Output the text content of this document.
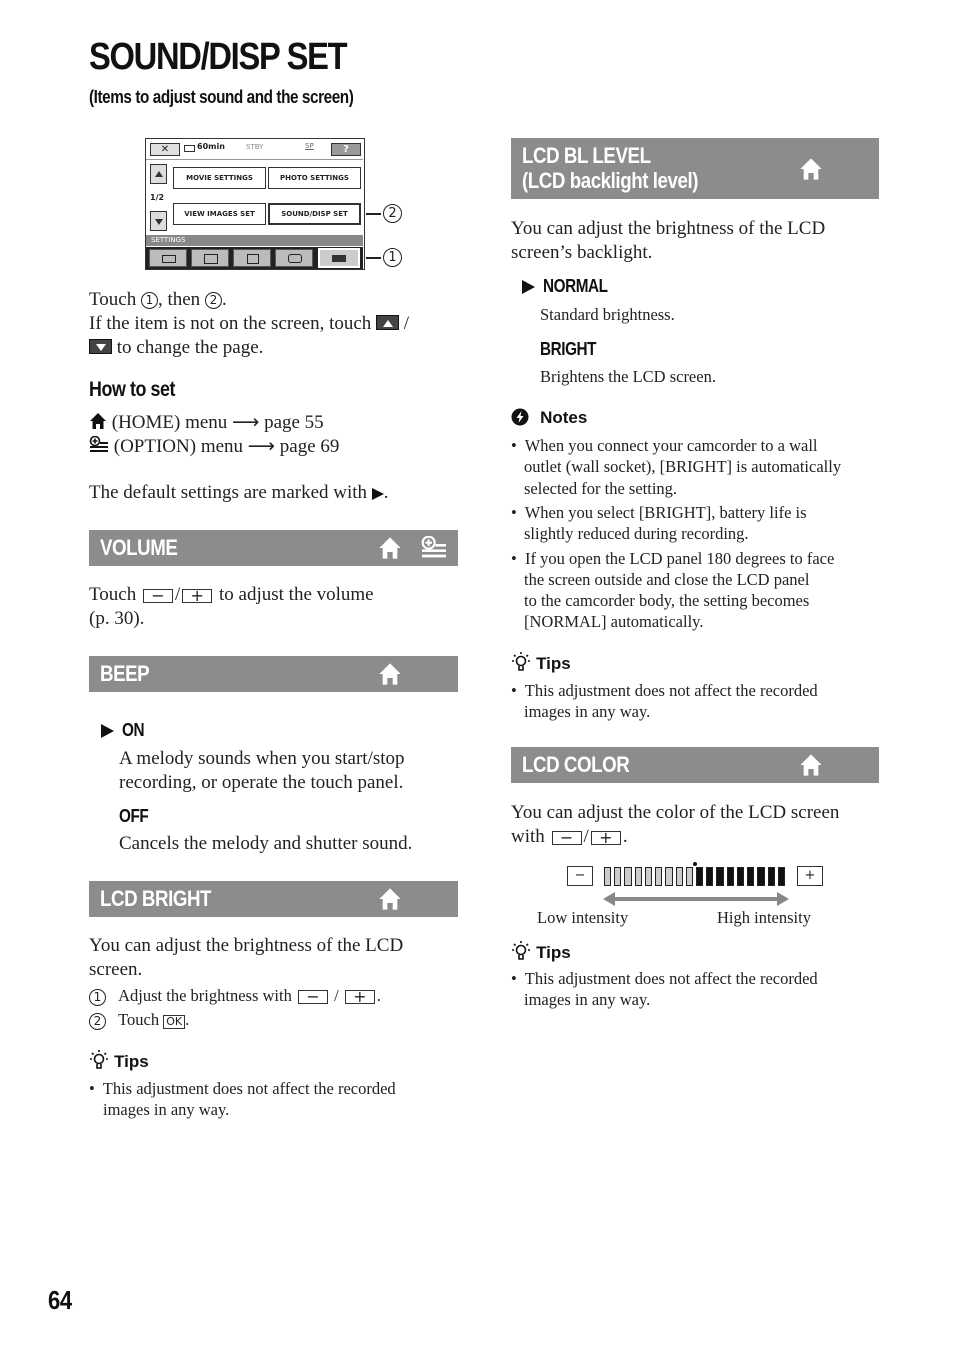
SOUND/DISP SET
(Items to adjust sound and the screen)
✕	60min	STBY	SP	?
1/2
MOVIE SETTINGS	PHOTO SETTINGS
VIEW IMAGES SET	SOUND/DISP SET
SETTINGS
2
1
Touch 1 , then 2 .
If the item is not on the screen, touch /
to change the page.
How to set
(HOME) menu ⟶ page 55
(OPTION) menu ⟶ page 69
The default settings are marked with .
VOLUME
Touch − / + to adjust the volume
(p. 30).
BEEP
ON
A melody sounds when you start/stop
recording, or operate the touch panel.
OFF
Cancels the melody and shutter sound.
LCD BRIGHT
You can adjust the brightness of the LCD
screen.
1 Adjust the brightness with − / + .
2 Touch OK .
Tips
•  This adjustment does not affect the recorded
images in any way.
LCD BL LEVEL
(LCD backlight level)
You can adjust the brightness of the LCD
screen’s backlight.
NORMAL
Standard brightness.
BRIGHT
Brightens the LCD screen.
Notes
•  When you connect your camcorder to a wall
outlet (wall socket), [BRIGHT] is automatically
selected for the setting.
•  When you select [BRIGHT], battery life is
slightly reduced during recording.
•  If you open the LCD panel 180 degrees to face
the screen outside and close the LCD panel
to the camcorder body, the setting becomes
[NORMAL] automatically.
Tips
•  This adjustment does not affect the recorded
images in any way.
LCD COLOR
You can adjust the color of the LCD screen
with − / + .
−	+
Low intensity	High intensity
Tips
•  This adjustment does not affect the recorded
images in any way.
64
